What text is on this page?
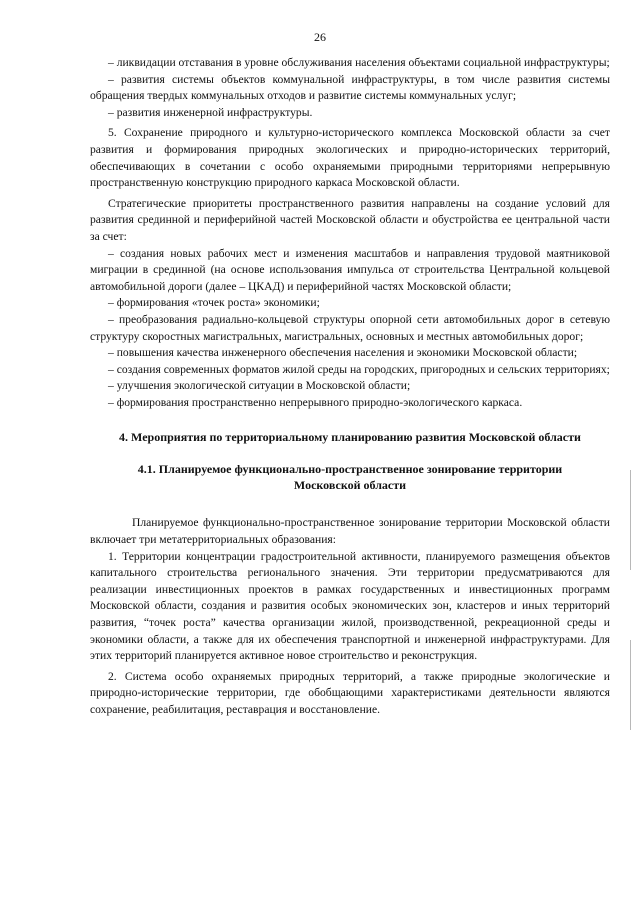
26

– ликвидации отставания в уровне обслуживания населения объектами социальной инфраструктуры;

– развития системы объектов коммунальной инфраструктуры, в том числе развития системы обращения твердых коммунальных отходов и развитие системы коммунальных услуг;

– развития инженерной инфраструктуры.

5. Сохранение природного и культурно-исторического комплекса Московской области за счет развития и формирования природных экологических и природно-исторических территорий, обеспечивающих в сочетании с особо охраняемыми природными территориями непрерывную пространственную конструкцию природного каркаса Московской области.

Стратегические приоритеты пространственного развития направлены на создание условий для развития срединной и периферийной частей Московской области и обустройства ее центральной части за счет:

– создания новых рабочих мест и изменения масштабов и направления трудовой маятниковой миграции в срединной (на основе использования импульса от строительства Центральной кольцевой автомобильной дороги (далее – ЦКАД) и периферийной частях Московской области;

– формирования «точек роста» экономики;

– преобразования радиально-кольцевой структуры опорной сети автомобильных дорог в сетевую структуру скоростных магистральных, магистральных, основных и местных автомобильных дорог;

– повышения качества инженерного обеспечения населения и экономики Московской области;

– создания современных форматов жилой среды на городских, пригородных и сельских территориях;

– улучшения экологической ситуации в Московской области;

– формирования пространственно непрерывного природно-экологического каркаса.

4. Мероприятия по территориальному планированию развития Московской области
4.1. Планируемое функционально-пространственное зонирование территории Московской области

Планируемое функционально-пространственное зонирование территории Московской области включает три метатерриториальных образования:

1. Территории концентрации градостроительной активности, планируемого размещения объектов капитального строительства регионального значения. Эти территории предусматриваются для реализации инвестиционных проектов в рамках государственных и инвестиционных программ Московской области, создания и развития особых экономических зон, кластеров и иных территорий развития, “точек роста” качества организации жилой, производственной, рекреационной среды и экономики области, а также для их обеспечения транспортной и инженерной инфраструктурами. Для этих территорий планируется активное новое строительство и реконструкция.

2. Система особо охраняемых природных территорий, а также природные экологические и природно-исторические территории, где обобщающими характеристиками деятельности являются сохранение, реабилитация, реставрация и восстановление.
